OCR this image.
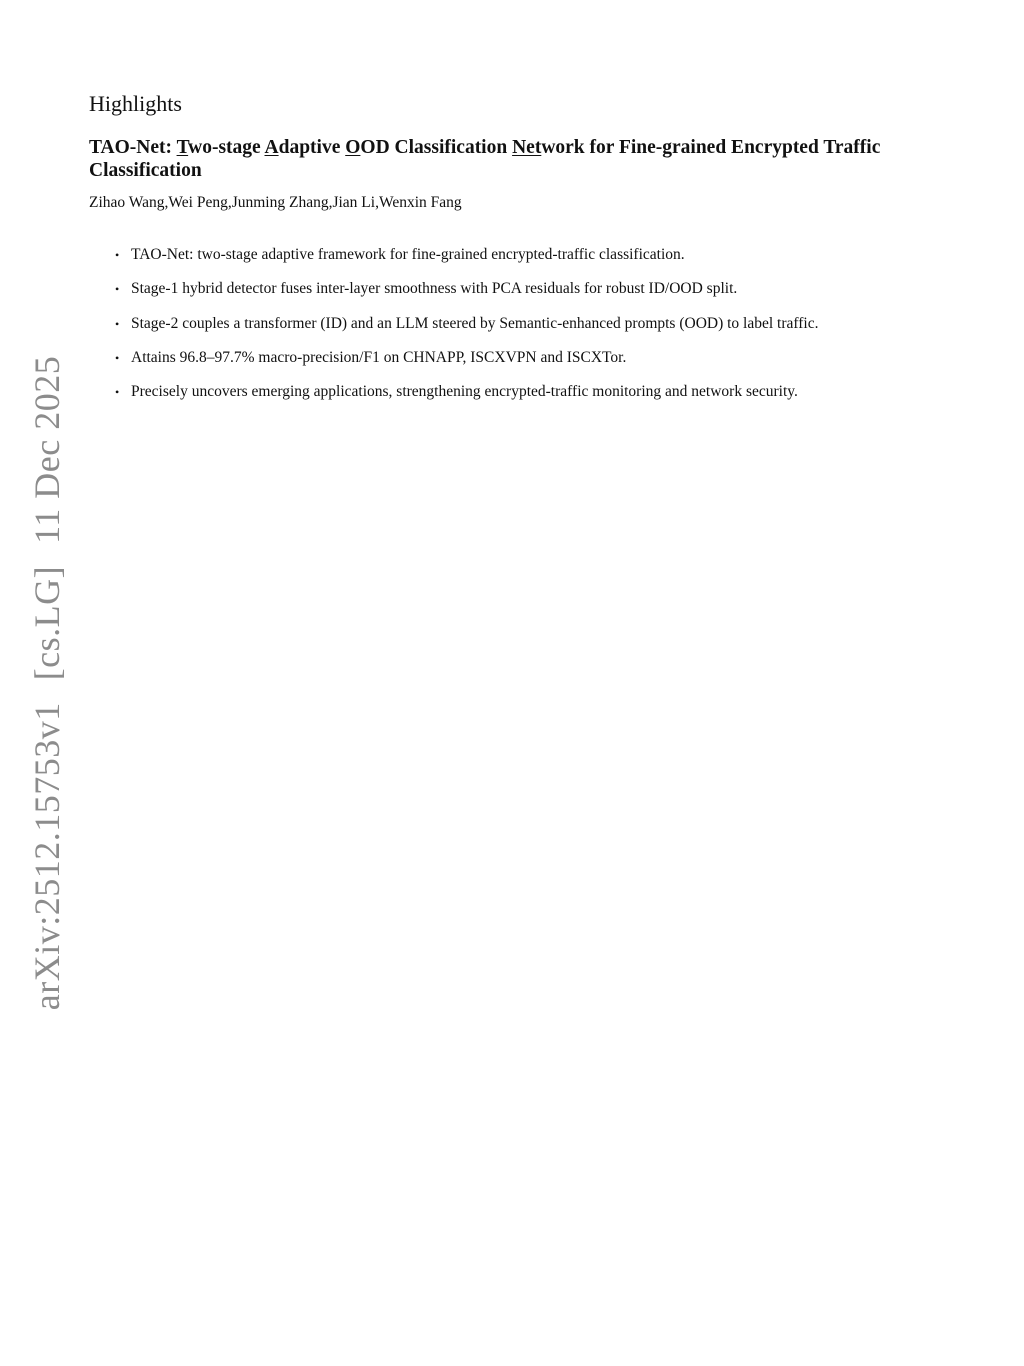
arXiv:2512.15753v1[cs.LG]11 Dec 2025
Highlights
TAO-Net: Two-stage Adaptive OOD Classification Network for Fine-grained Encrypted Traffic Classification
Zihao Wang,Wei Peng,Junming Zhang,Jian Li,Wenxin Fang
• TAO-Net: two-stage adaptive framework for fine-grained encrypted-traffic classification.
• Stage-1 hybrid detector fuses inter-layer smoothness with PCA residuals for robust ID/OOD split.
• Stage-2 couples a transformer (ID) and an LLM steered by Semantic-enhanced prompts (OOD) to label traffic.
• Attains 96.8–97.7% macro-precision/F1 on CHNAPP, ISCXVPN and ISCXTor.
• Precisely uncovers emerging applications, strengthening encrypted-traffic monitoring and network security.
